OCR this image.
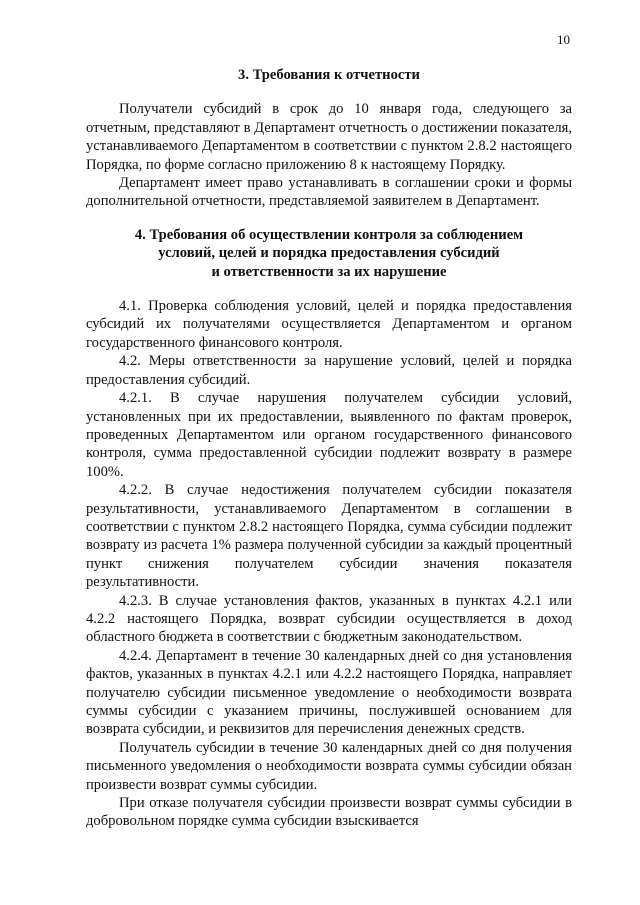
10
3. Требования к отчетности

Получатели субсидий в срок до 10 января года, следующего за отчетным, представляют в Департамент отчетность о достижении показателя, устанавливаемого Департаментом в соответствии с пунктом 2.8.2 настоящего Порядка, по форме согласно приложению 8 к настоящему Порядку.

Департамент имеет право устанавливать в соглашении сроки и формы дополнительной отчетности, представляемой заявителем в Департамент.

4. Требования об осуществлении контроля за соблюдением
условий, целей и порядка предоставления субсидий
и ответственности за их нарушение

4.1. Проверка соблюдения условий, целей и порядка предоставления субсидий их получателями осуществляется Департаментом и органом государственного финансового контроля.

4.2. Меры ответственности за нарушение условий, целей и порядка предоставления субсидий.

4.2.1. В случае нарушения получателем субсидии условий, установленных при их предоставлении, выявленного по фактам проверок, проведенных Департаментом или органом государственного финансового контроля, сумма предоставленной субсидии подлежит возврату в размере 100%.

4.2.2. В случае недостижения получателем субсидии показателя результативности, устанавливаемого Департаментом в соглашении в соответствии с пунктом 2.8.2 настоящего Порядка, сумма субсидии подлежит возврату из расчета 1% размера полученной субсидии за каждый процентный пункт снижения получателем субсидии значения показателя результативности.

4.2.3. В случае установления фактов, указанных в пунктах 4.2.1 или 4.2.2 настоящего Порядка, возврат субсидии осуществляется в доход областного бюджета в соответствии с бюджетным законодательством.

4.2.4. Департамент в течение 30 календарных дней со дня установления фактов, указанных в пунктах 4.2.1 или 4.2.2 настоящего Порядка, направляет получателю субсидии письменное уведомление о необходимости возврата суммы субсидии с указанием причины, послужившей основанием для возврата субсидии, и реквизитов для перечисления денежных средств.

Получатель субсидии в течение 30 календарных дней со дня получения письменного уведомления о необходимости возврата суммы субсидии обязан произвести возврат суммы субсидии.

При отказе получателя субсидии произвести возврат суммы субсидии в добровольном порядке сумма субсидии взыскивается
